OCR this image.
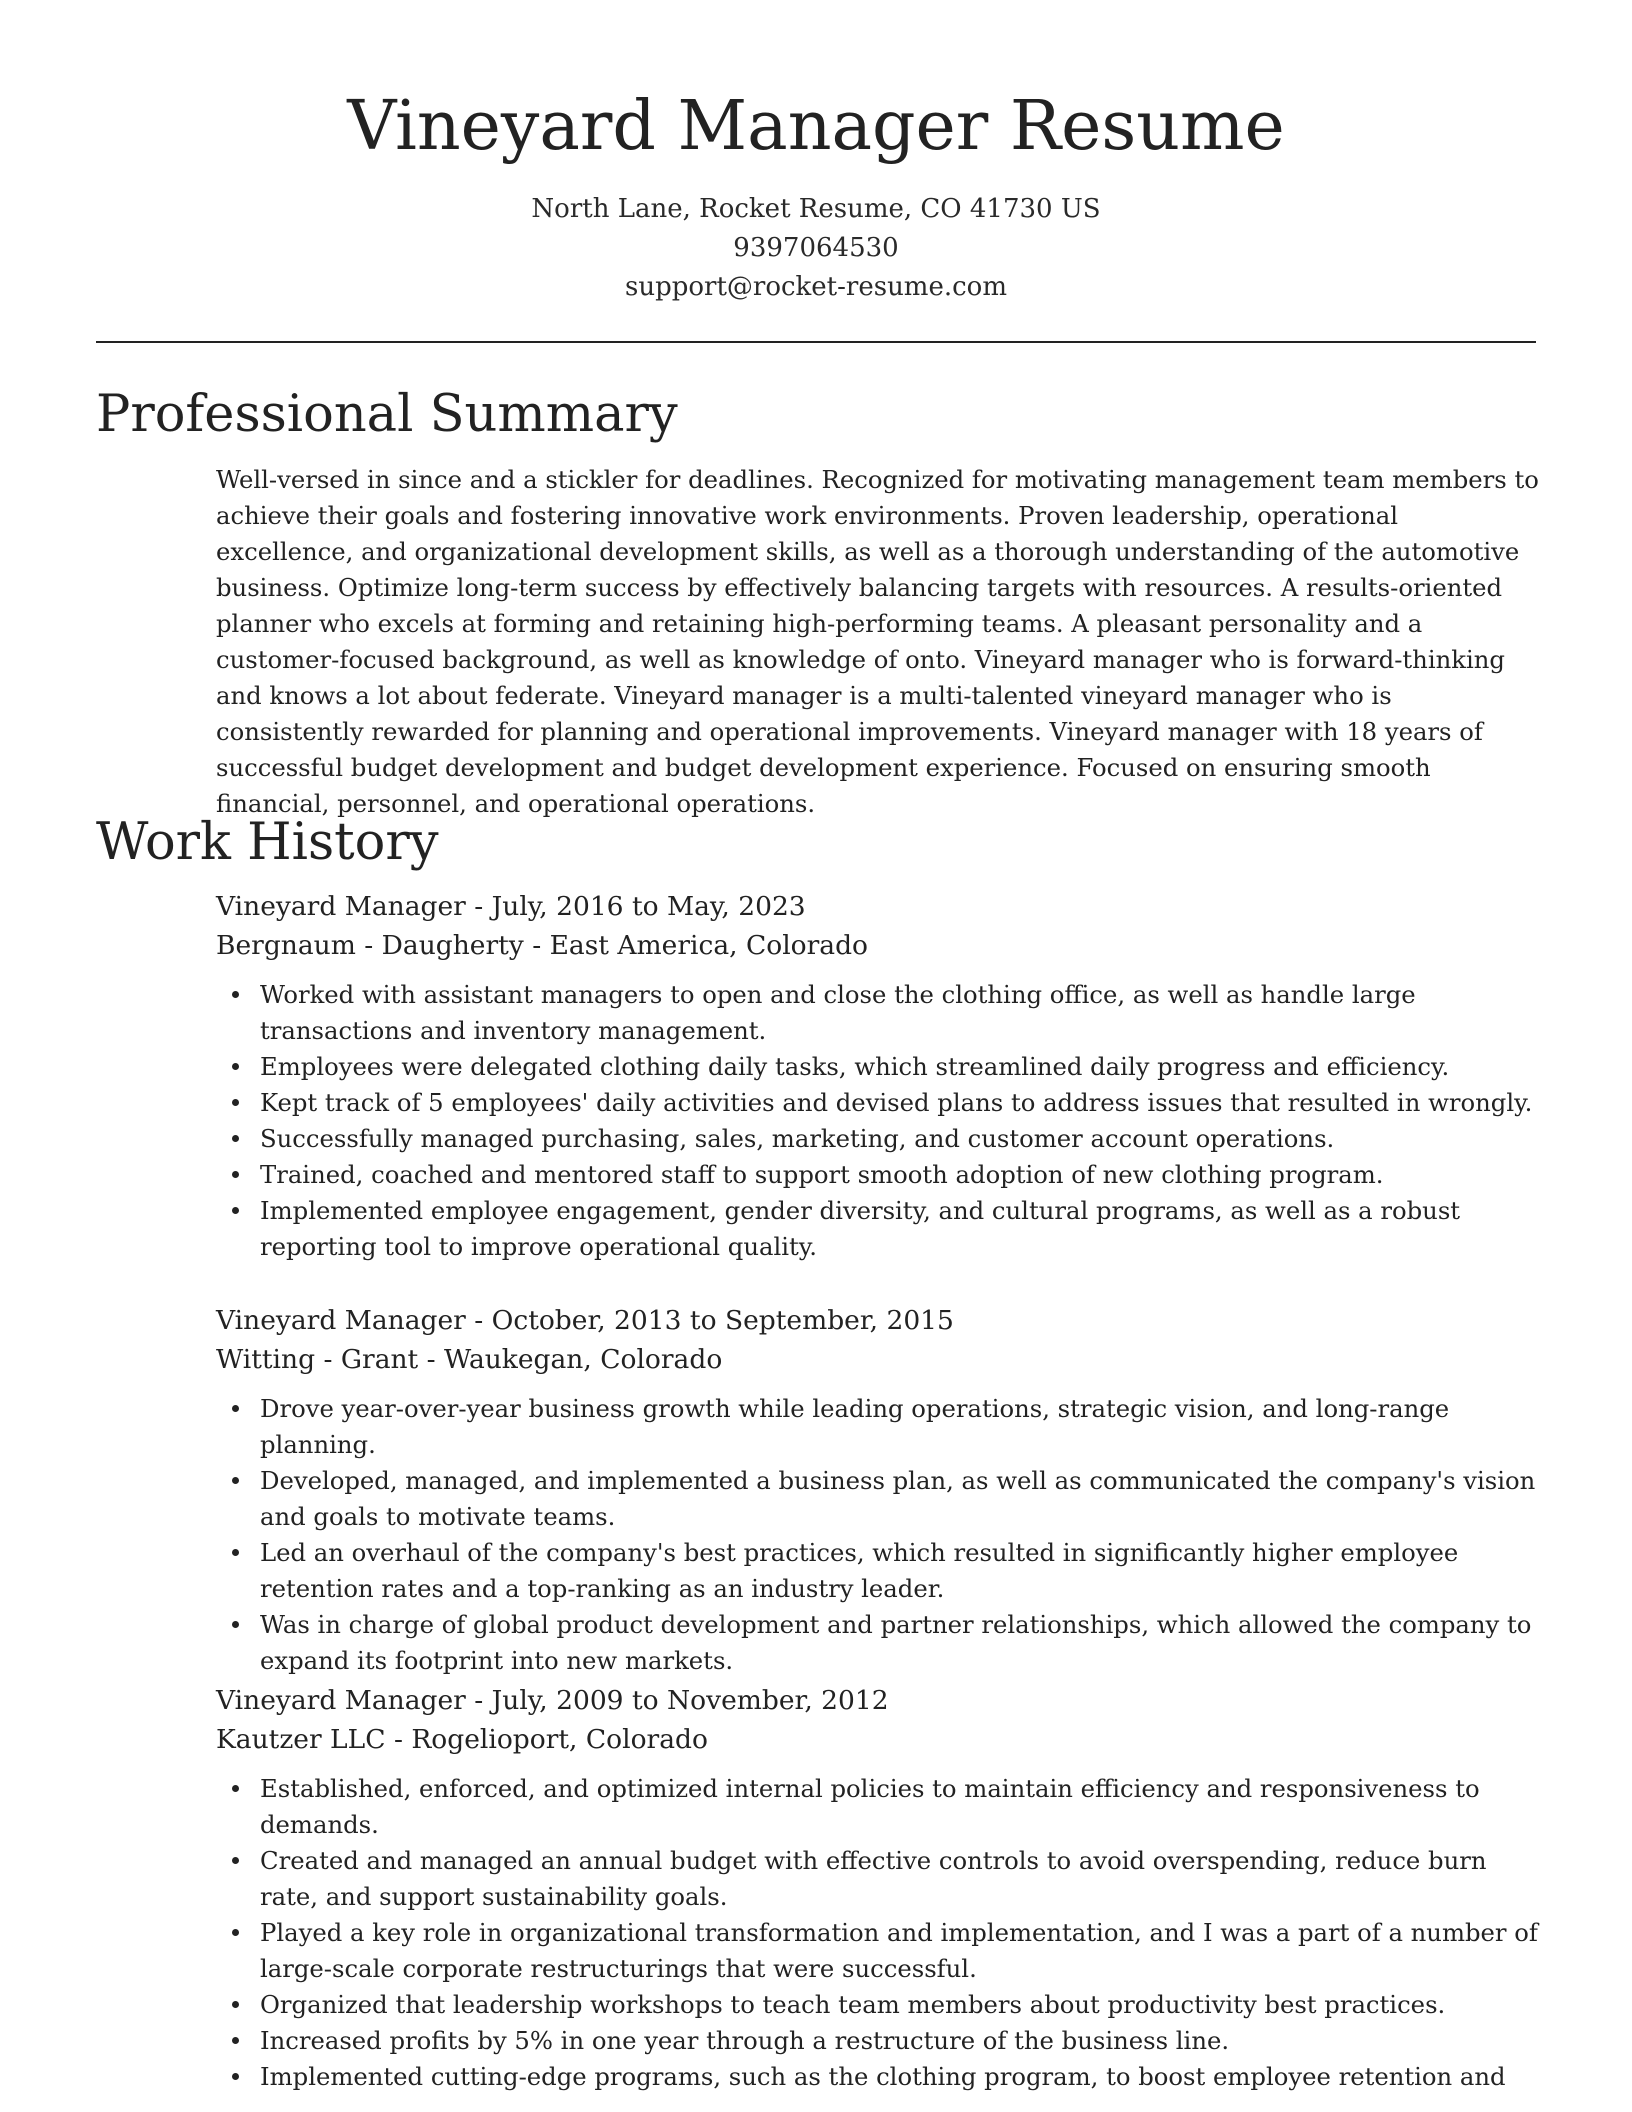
Vineyard Manager Resume
North Lane, Rocket Resume, CO 41730 US
9397064530
support@rocket-resume.com
Professional Summary

Well-versed in since and a stickler for deadlines. Recognized for motivating management team members to achieve their goals and fostering innovative work environments. Proven leadership, operational excellence, and organizational development skills, as well as a thorough understanding of the automotive business. Optimize long-term success by effectively balancing targets with resources. A results-oriented planner who excels at forming and retaining high-performing teams. A pleasant personality and a customer-focused background, as well as knowledge of onto. Vineyard manager who is forward-thinking and knows a lot about federate. Vineyard manager is a multi-talented vineyard manager who is consistently rewarded for planning and operational improvements. Vineyard manager with 18 years of successful budget development and budget development experience. Focused on ensuring smooth financial, personnel, and operational operations.

Work History
Vineyard Manager - July, 2016 to May, 2023
Bergnaum - Daugherty - East America, Colorado
Worked with assistant managers to open and close the clothing office, as well as handle large transactions and inventory management.
Employees were delegated clothing daily tasks, which streamlined daily progress and efficiency.
Kept track of 5 employees' daily activities and devised plans to address issues that resulted in wrongly.
Successfully managed purchasing, sales, marketing, and customer account operations.
Trained, coached and mentored staff to support smooth adoption of new clothing program.
Implemented employee engagement, gender diversity, and cultural programs, as well as a robust reporting tool to improve operational quality.
Vineyard Manager - October, 2013 to September, 2015
Witting - Grant - Waukegan, Colorado
Drove year-over-year business growth while leading operations, strategic vision, and long-range planning.
Developed, managed, and implemented a business plan, as well as communicated the company's vision and goals to motivate teams.
Led an overhaul of the company's best practices, which resulted in significantly higher employee retention rates and a top-ranking as an industry leader.
Was in charge of global product development and partner relationships, which allowed the company to expand its footprint into new markets.
Vineyard Manager - July, 2009 to November, 2012
Kautzer LLC - Rogelioport, Colorado
Established, enforced, and optimized internal policies to maintain efficiency and responsiveness to demands.
Created and managed an annual budget with effective controls to avoid overspending, reduce burn rate, and support sustainability goals.
Played a key role in organizational transformation and implementation, and I was a part of a number of large-scale corporate restructurings that were successful.
Organized that leadership workshops to teach team members about productivity best practices.
Increased profits by 5% in one year through a restructure of the business line.
Implemented cutting-edge programs, such as the clothing program, to boost employee retention and
